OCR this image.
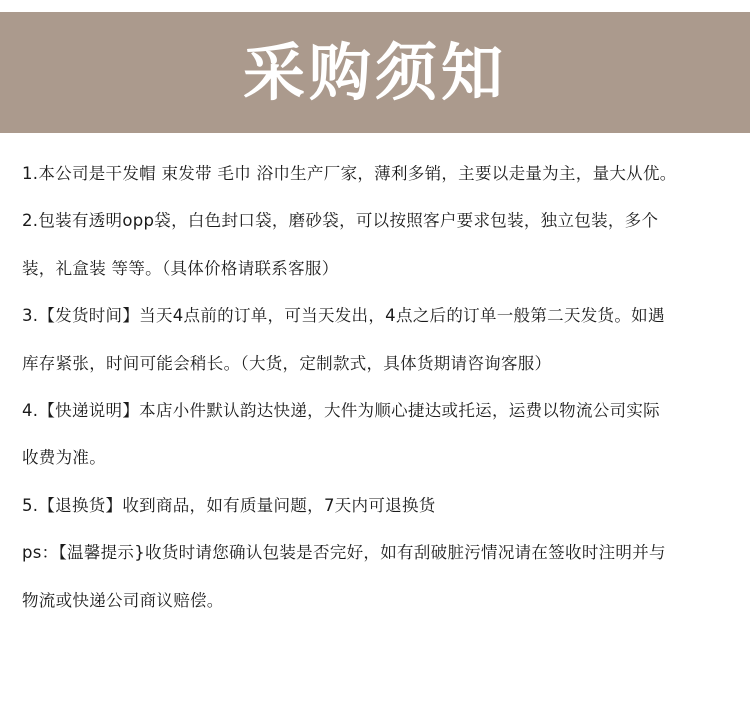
采购须知
1.本公司是干发帽 束发带 毛巾 浴巾生产厂家，薄利多销，主要以走量为主，量大从优。
2.包装有透明opp袋，白色封口袋，磨砂袋，可以按照客户要求包装，独立包装，多个
装，礼盒装 等等。（具体价格请联系客服）
3.【发货时间】当天4点前的订单，可当天发出，4点之后的订单一般第二天发货。如遇
库存紧张，时间可能会稍长。（大货，定制款式，具体货期请咨询客服）
4.【快递说明】本店小件默认韵达快递，大件为顺心捷达或托运，运费以物流公司实际
收费为准。
5.【退换货】收到商品，如有质量问题，7天内可退换货
ps：【温馨提示}收货时请您确认包装是否完好，如有刮破脏污情况请在签收时注明并与
物流或快递公司商议赔偿。
